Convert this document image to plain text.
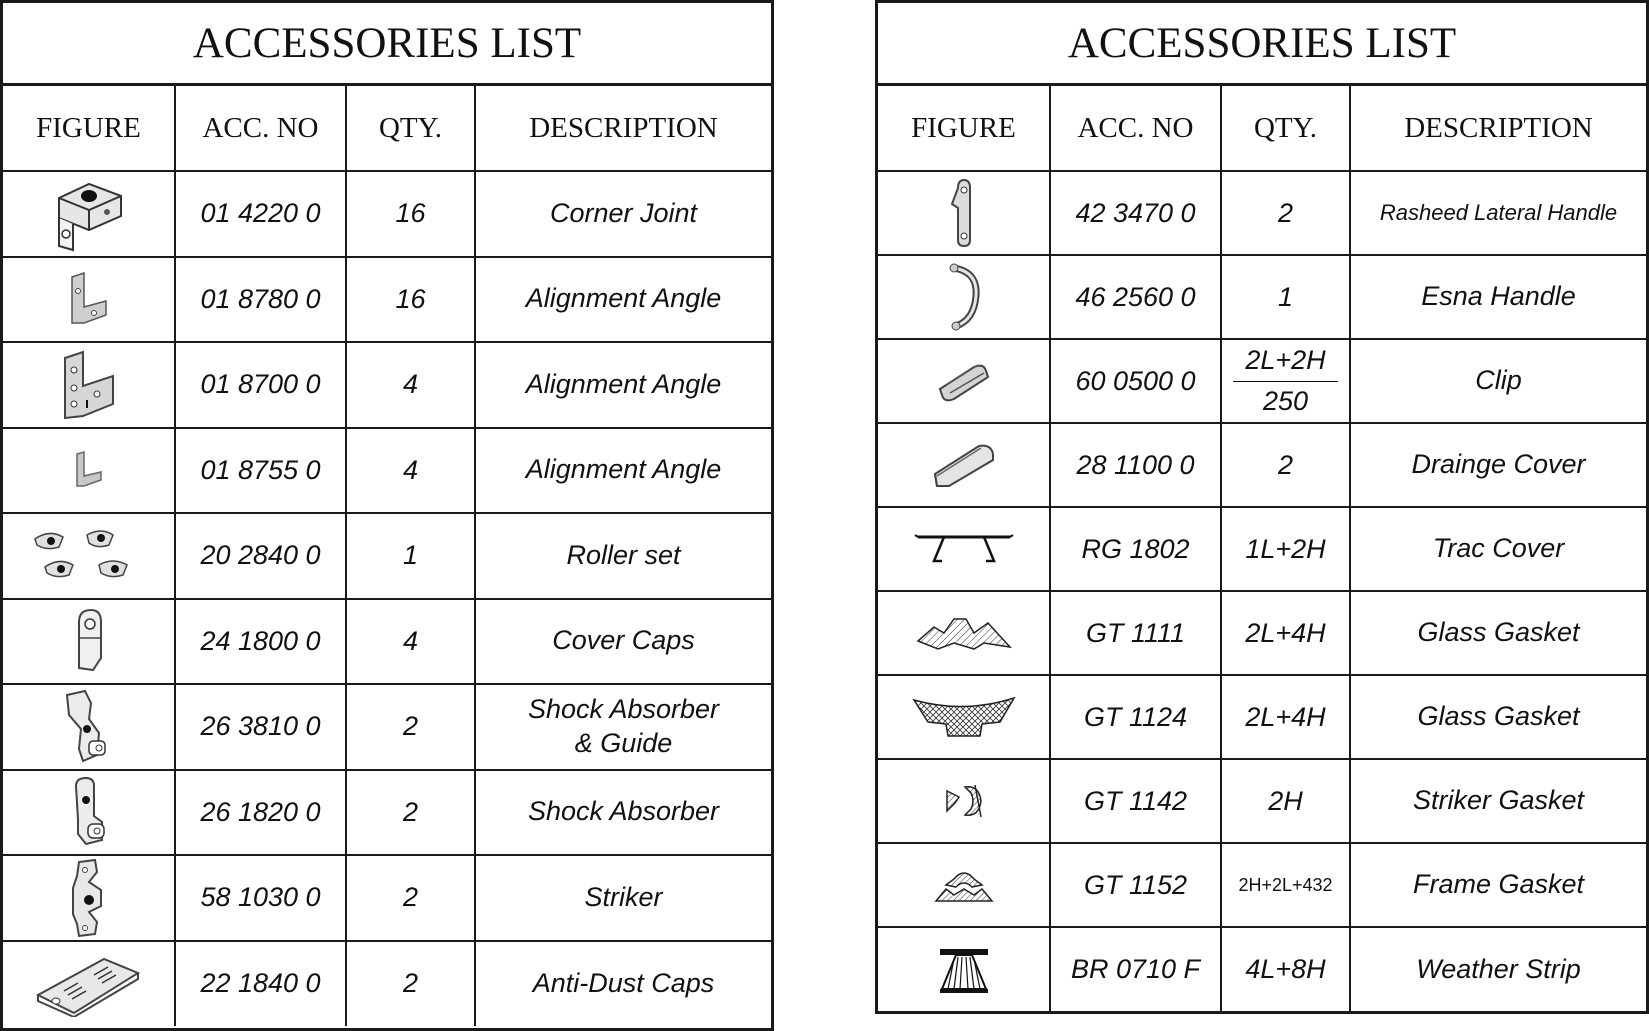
ACCESSORIES LIST
FIGURE	ACC. NO	QTY.	DESCRIPTION

	01 4220 0	16	Corner Joint

	01 8780 0	16	Alignment Angle

	01 8700 0	4	Alignment Angle

	01 8755 0	4	Alignment Angle

	20 2840 0	1	Roller set

	24 1800 0	4	Cover Caps

	26 3810 0	2	Shock Absorber
& Guide

	26 1820 0	2	Shock Absorber

	58 1030 0	2	Striker

	22 1840 0	2	Anti-Dust Caps
ACCESSORIES LIST
FIGURE	ACC. NO	QTY.	DESCRIPTION

	42 3470 0	2	Rasheed Lateral Handle

	46 2560 0	1	Esna Handle

	60 0500 0	$\frac{2L+2H}{250}$	Clip

	28 1100 0	2	Drainge Cover

	RG 1802	1L+2H	Trac Cover

	GT 1111	2L+4H	Glass Gasket

	GT 1124	2L+4H	Glass Gasket

	GT 1142	2H	Striker Gasket

	GT 1152	2H+2L+432	Frame Gasket

	BR 0710 F	4L+8H	Weather Strip
